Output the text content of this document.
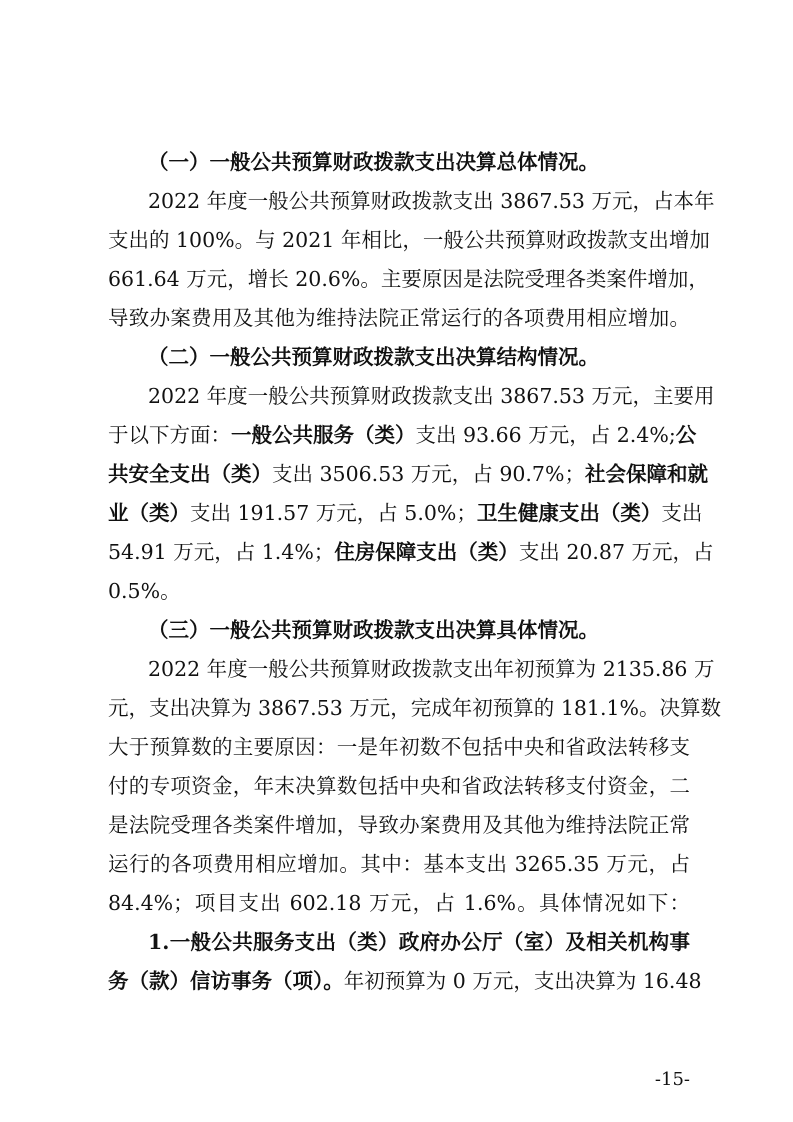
（一）一般公共预算财政拨款支出决算总体情况。
2022 年度一般公共预算财政拨款支出 3867.53 万元，占本年
支出的 100%。与 2021 年相比，一般公共预算财政拨款支出增加
661.64 万元，增长 20.6%。主要原因是法院受理各类案件增加，
导致办案费用及其他为维持法院正常运行的各项费用相应增加。
（二）一般公共预算财政拨款支出决算结构情况。
2022 年度一般公共预算财政拨款支出 3867.53 万元，主要用
于以下方面：一般公共服务（类）支出 93.66 万元，占 2.4%;公
共安全支出（类）支出 3506.53 万元，占 90.7%；社会保障和就
业（类）支出 191.57 万元，占 5.0%；卫生健康支出（类）支出
54.91 万元，占 1.4%；住房保障支出（类）支出 20.87 万元，占
0.5%。
（三）一般公共预算财政拨款支出决算具体情况。
2022 年度一般公共预算财政拨款支出年初预算为 2135.86 万
元，支出决算为 3867.53 万元，完成年初预算的 181.1%。决算数
大于预算数的主要原因：一是年初数不包括中央和省政法转移支
付的专项资金，年末决算数包括中央和省政法转移支付资金，二
是法院受理各类案件增加，导致办案费用及其他为维持法院正常
运行的各项费用相应增加。其中：基本支出 3265.35 万元，占
84.4%；项目支出 602.18 万元，占 1.6%。具体情况如下：
1.一般公共服务支出（类）政府办公厅（室）及相关机构事
务（款）信访事务（项）。年初预算为 0 万元，支出决算为 16.48
-15-
